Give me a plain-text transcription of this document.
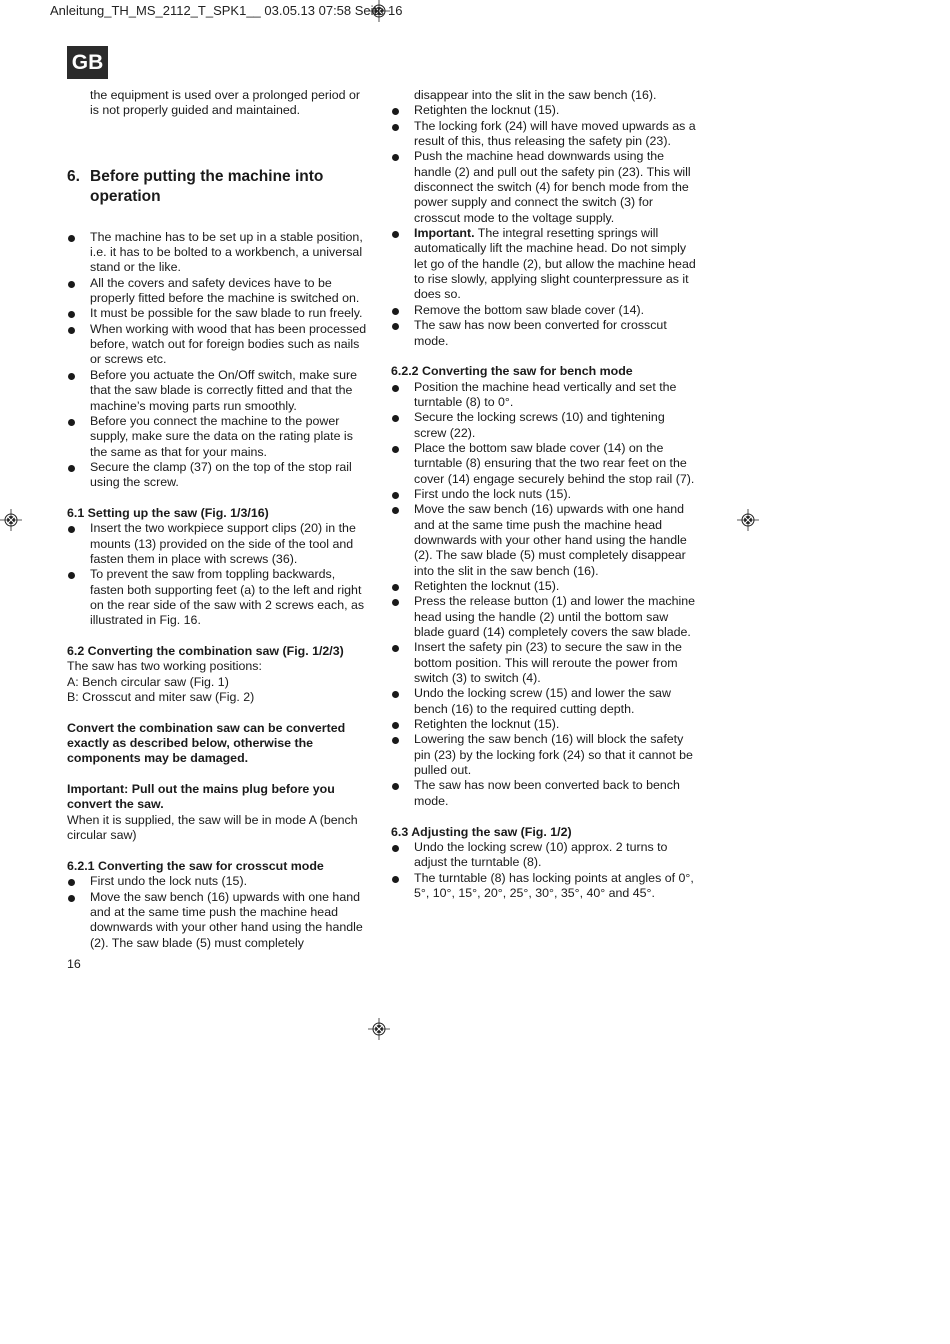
Anleitung_TH_MS_2112_T_SPK1__ 03.05.13 07:58 Seite 16
GB

the equipment is used over a prolonged period or is not properly guided and maintained.

6. Before putting the machine into operation
The machine has to be set up in a stable position, i.e. it has to be bolted to a workbench, a universal stand or the like.
All the covers and safety devices have to be properly fitted before the machine is switched on.
It must be possible for the saw blade to run freely.
When working with wood that has been processed before, watch out for foreign bodies such as nails or screws etc.
Before you actuate the On/Off switch, make sure that the saw blade is correctly fitted and that the machine’s moving parts run smoothly.
Before you connect the machine to the power supply, make sure the data on the rating plate is the same as that for your mains.
Secure the clamp (37) on the top of the stop rail using the screw.
6.1 Setting up the saw (Fig. 1/3/16)
Insert the two workpiece support clips (20) in the mounts (13) provided on the side of the tool and fasten them in place with screws (36).
To prevent the saw from toppling backwards, fasten both supporting feet (a) to the left and right on the rear side of the saw with 2 screws each, as illustrated in Fig. 16.
6.2 Converting the combination saw (Fig. 1/2/3)

The saw has two working positions:

A: Bench circular saw (Fig. 1)

B: Crosscut and miter saw (Fig. 2)

Convert the combination saw can be converted exactly as described below, otherwise the components may be damaged.

Important: Pull out the mains plug before you convert the saw.

When it is supplied, the saw will be in mode A (bench circular saw)

6.2.1 Converting the saw for crosscut mode
First undo the lock nuts (15).
Move the saw bench (16) upwards with one hand and at the same time push the machine head downwards with your other hand using the handle (2). The saw blade (5) must completely

disappear into the slit in the saw bench (16).

Retighten the locknut (15).
The locking fork (24) will have moved upwards as a result of this, thus releasing the safety pin (23).
Push the machine head downwards using the handle (2) and pull out the safety pin (23). This will disconnect the switch (4) for bench mode from the power supply and connect the switch (3) for crosscut mode to the voltage supply.
Important. The integral resetting springs will automatically lift the machine head. Do not simply let go of the handle (2), but allow the machine head to rise slowly, applying slight counterpressure as it does so.
Remove the bottom saw blade cover (14).
The saw has now been converted for crosscut mode.
6.2.2 Converting the saw for bench mode
Position the machine head vertically and set the turntable (8) to 0°.
Secure the locking screws (10) and tightening screw (22).
Place the bottom saw blade cover (14) on the turntable (8) ensuring that the two rear feet on the cover (14) engage securely behind the stop rail (7).
First undo the lock nuts (15).
Move the saw bench (16) upwards with one hand and at the same time push the machine head downwards with your other hand using the handle (2). The saw blade (5) must completely disappear into the slit in the saw bench (16).
Retighten the locknut (15).
Press the release button (1) and lower the machine head using the handle (2) until the bottom saw blade guard (14) completely covers the saw blade.
Insert the safety pin (23) to secure the saw in the bottom position. This will reroute the power from switch (3) to switch (4).
Undo the locking screw (15) and lower the saw bench (16) to the required cutting depth.
Retighten the locknut (15).
Lowering the saw bench (16) will block the safety pin (23) by the locking fork (24) so that it cannot be pulled out.
The saw has now been converted back to bench mode.
6.3 Adjusting the saw (Fig. 1/2)
Undo the locking screw (10) approx. 2 turns to adjust the turntable (8).
The turntable (8) has locking points at angles of 0°, 5°, 10°, 15°, 20°, 25°, 30°, 35°, 40° and 45°.
16
